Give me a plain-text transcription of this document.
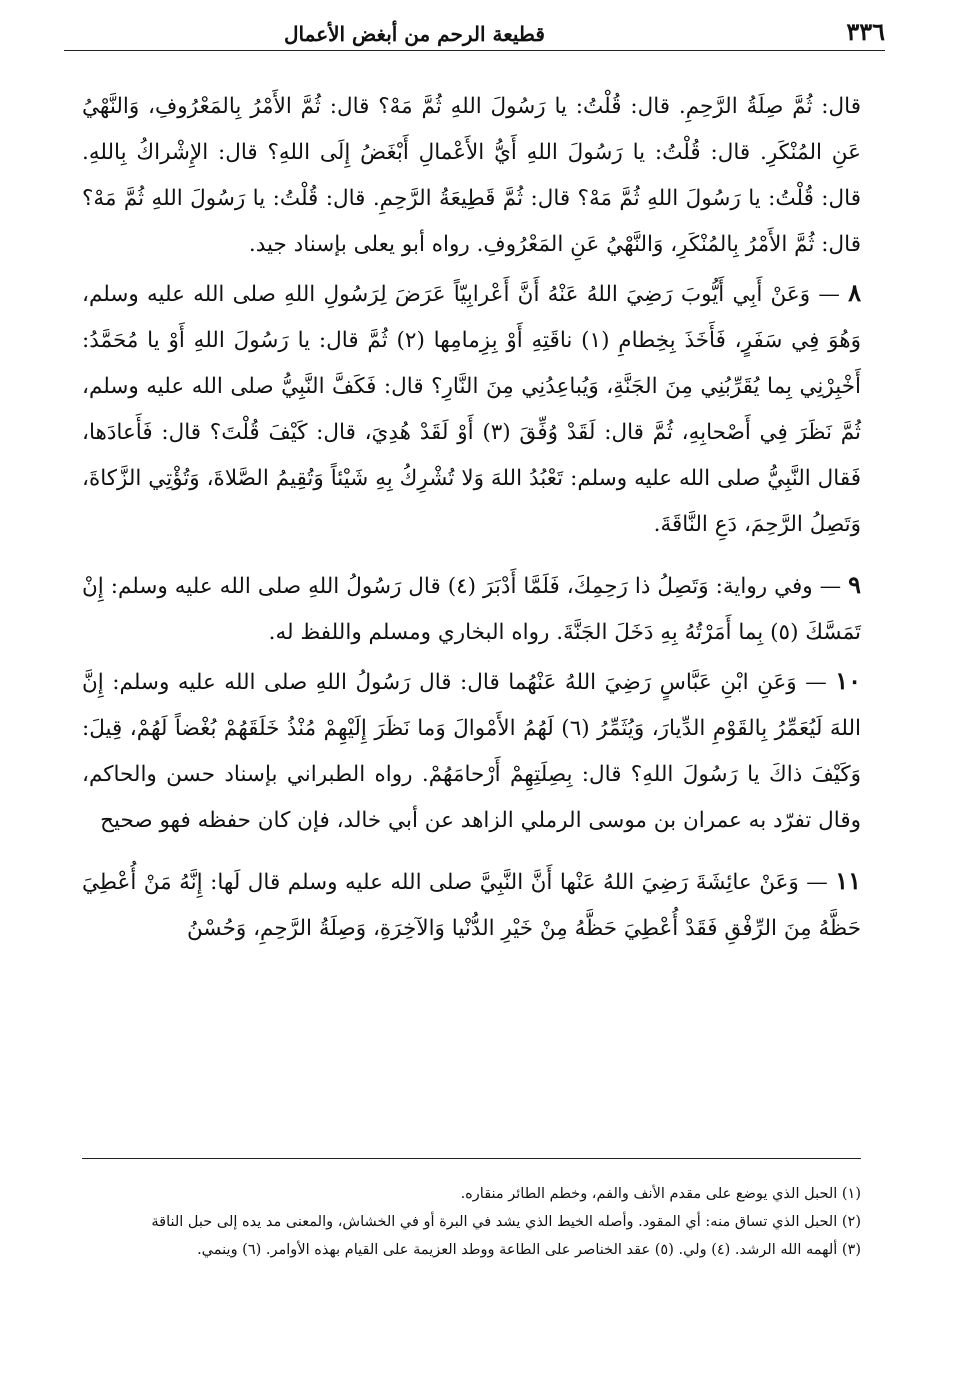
٣٣٦
قطيعة الرحم من أبغض الأعمال

قال: ثُمَّ صِلَةُ الرَّحِمِ. قال: قُلْتُ: يا رَسُولَ اللهِ ثُمَّ مَهْ؟ قال: ثُمَّ الأَمْرُ بِالمَعْرُوفِ، وَالنَّهْيُ عَنِ المُنْكَرِ. قال: قُلْتُ: يا رَسُولَ اللهِ أَيُّ الأَعْمالِ أَبْغَضُ إِلَى اللهِ؟ قال: الإِشْراكُ بِاللهِ. قال: قُلْتُ: يا رَسُولَ اللهِ ثُمَّ مَهْ؟ قال: ثُمَّ قَطِيعَةُ الرَّحِمِ. قال: قُلْتُ: يا رَسُولَ اللهِ ثُمَّ مَهْ؟ قال: ثُمَّ الأَمْرُ بِالمُنْكَرِ، وَالنَّهْيُ عَنِ المَعْرُوفِ. رواه أبو يعلى بإسناد جيد.

٨ — وَعَنْ أَبِي أَيُّوبَ رَضِيَ اللهُ عَنْهُ أَنَّ أَعْرابِيّاً عَرَضَ لِرَسُولِ اللهِ صلى الله عليه وسلم، وَهُوَ فِي سَفَرٍ، فَأَخَذَ بِخِطامِ (١) ناقَتِهِ أَوْ بِزِمامِها (٢) ثُمَّ قال: يا رَسُولَ اللهِ أَوْ يا مُحَمَّدُ: أَخْبِرْنِي بِما يُقَرِّبُنِي مِنَ الجَنَّةِ، وَيُباعِدُنِي مِنَ النَّارِ؟ قال: فَكَفَّ النَّبِيُّ صلى الله عليه وسلم، ثُمَّ نَظَرَ فِي أَصْحابِهِ، ثُمَّ قال: لَقَدْ وُفِّقَ (٣) أَوْ لَقَدْ هُدِيَ، قال: كَيْفَ قُلْتَ؟ قال: فَأَعادَها، فَقال النَّبِيُّ صلى الله عليه وسلم: تَعْبُدُ اللهَ وَلا تُشْرِكُ بِهِ شَيْئاً وَتُقِيمُ الصَّلاةَ، وَتُؤْتِي الزَّكاةَ، وَتَصِلُ الرَّحِمَ، دَعِ النَّاقَةَ.

٩ — وفي رواية: وَتَصِلُ ذا رَحِمِكَ، فَلَمَّا أَدْبَرَ (٤) قال رَسُولُ اللهِ صلى الله عليه وسلم: إِنْ تَمَسَّكَ (٥) بِما أَمَرْتُهُ بِهِ دَخَلَ الجَنَّةَ. رواه البخاري ومسلم واللفظ له.

١٠ — وَعَنِ ابْنِ عَبَّاسٍ رَضِيَ اللهُ عَنْهُما قال: قال رَسُولُ اللهِ صلى الله عليه وسلم: إِنَّ اللهَ لَيُعَمِّرُ بِالقَوْمِ الدِّيارَ، وَيُثَمِّرُ (٦) لَهُمُ الأَمْوالَ وَما نَظَرَ إِلَيْهِمْ مُنْذُ خَلَقَهُمْ بُغْضاً لَهُمْ، قِيلَ: وَكَيْفَ ذاكَ يا رَسُولَ اللهِ؟ قال: بِصِلَتِهِمْ أَرْحامَهُمْ. رواه الطبراني بإسناد حسن والحاكم، وقال تفرّد به عمران بن موسى الرملي الزاهد عن أبي خالد، فإن كان حفظه فهو صحيح

١١ — وَعَنْ عائِشَةَ رَضِيَ اللهُ عَنْها أَنَّ النَّبِيَّ صلى الله عليه وسلم قال لَها: إِنَّهُ مَنْ أُعْطِيَ حَظَّهُ مِنَ الرِّفْقِ فَقَدْ أُعْطِيَ حَظَّهُ مِنْ خَيْرِ الدُّنْيا وَالآخِرَةِ، وَصِلَةُ الرَّحِمِ، وَحُسْنُ

(١) الحبل الذي يوضع على مقدم الأنف والفم، وخطم الطائر منقاره.

(٢) الحبل الذي تساق منه: أي المقود. وأصله الخيط الذي يشد في البرة أو في الخشاش، والمعنى مد يده إلى حبل الناقة

(٣) ألهمه الله الرشد. (٤) ولي. (٥) عقد الخناصر على الطاعة ووطد العزيمة على القيام بهذه الأوامر. (٦) وينمي.
